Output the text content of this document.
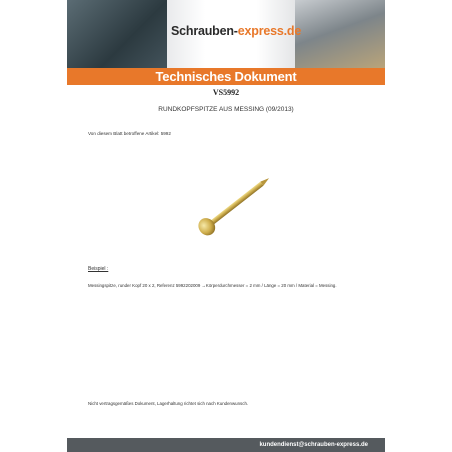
Schrauben-express.de
Technisches Dokument
VS5992
RUNDKOPFSPITZE AUS MESSING (09/2013)
Von diesem Blatt betroffene Artikel: 5992
Beispiel :
Messingspitze, runder Kopf 20 x 2, Referenz 5992202009 →Körperdurchmesser = 2 mm / Länge = 20 mm / Material = Messing.
Nicht vertragsgemäßes Dokument, Lagerhaltung richtet sich nach Kundenwunsch.
kundendienst@schrauben-express.de
